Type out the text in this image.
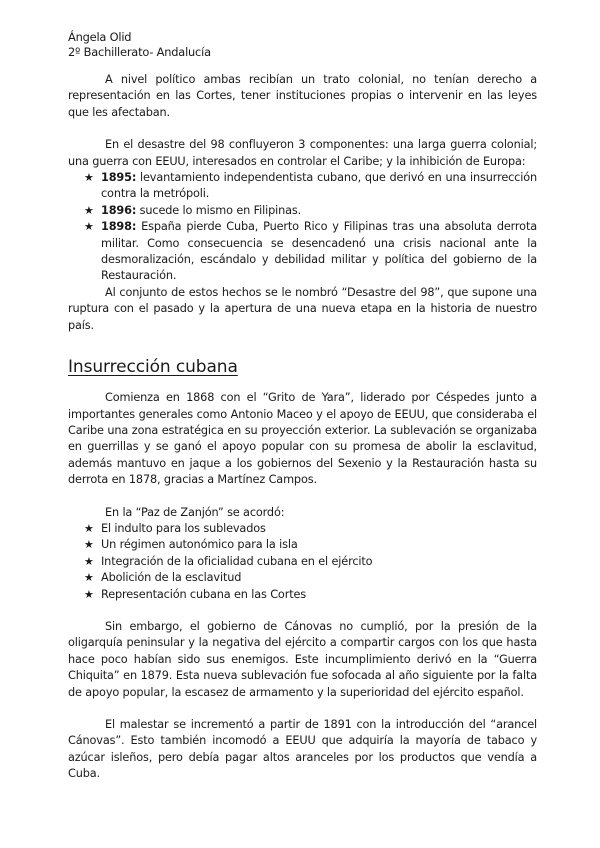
Ángela Olid
2º Bachillerato- Andalucía

A nivel político ambas recibían un trato colonial, no tenían derecho a representación en las Cortes, tener instituciones propias o intervenir en las leyes que les afectaban.

En el desastre del 98 confluyeron 3 componentes: una larga guerra colonial; una guerra con EEUU, interesados en controlar el Caribe; y la inhibición de Europa:

★ 1895: levantamiento independentista cubano, que derivó en una insurrección contra la metrópoli.
★ 1896: sucede lo mismo en Filipinas.
★ 1898: España pierde Cuba, Puerto Rico y Filipinas tras una absoluta derrota militar. Como consecuencia se desencadenó una crisis nacional ante la desmoralización, escándalo y debilidad militar y política del gobierno de la Restauración.

Al conjunto de estos hechos se le nombró “Desastre del 98”, que supone una ruptura con el pasado y la apertura de una nueva etapa en la historia de nuestro país.

Insurrección cubana

Comienza en 1868 con el “Grito de Yara”, liderado por Céspedes junto a importantes generales como Antonio Maceo y el apoyo de EEUU, que consideraba el Caribe una zona estratégica en su proyección exterior. La sublevación se organizaba en guerrillas y se ganó el apoyo popular con su promesa de abolir la esclavitud, además mantuvo en jaque a los gobiernos del Sexenio y la Restauración hasta su derrota en 1878, gracias a Martínez Campos.

En la “Paz de Zanjón” se acordó:

★ El indulto para los sublevados
★ Un régimen autonómico para la isla
★ Integración de la oficialidad cubana en el ejército
★ Abolición de la esclavitud
★ Representación cubana en las Cortes

Sin embargo, el gobierno de Cánovas no cumplió, por la presión de la oligarquía peninsular y la negativa del ejército a compartir cargos con los que hasta hace poco habían sido sus enemigos. Este incumplimiento derivó en la “Guerra Chiquita” en 1879. Esta nueva sublevación fue sofocada al año siguiente por la falta de apoyo popular, la escasez de armamento y la superioridad del ejército español.

El malestar se incrementó a partir de 1891 con la introducción del “arancel Cánovas”. Esto también incomodó a EEUU que adquiría la mayoría de tabaco y azúcar isleños, pero debía pagar altos aranceles por los productos que vendía a Cuba.
